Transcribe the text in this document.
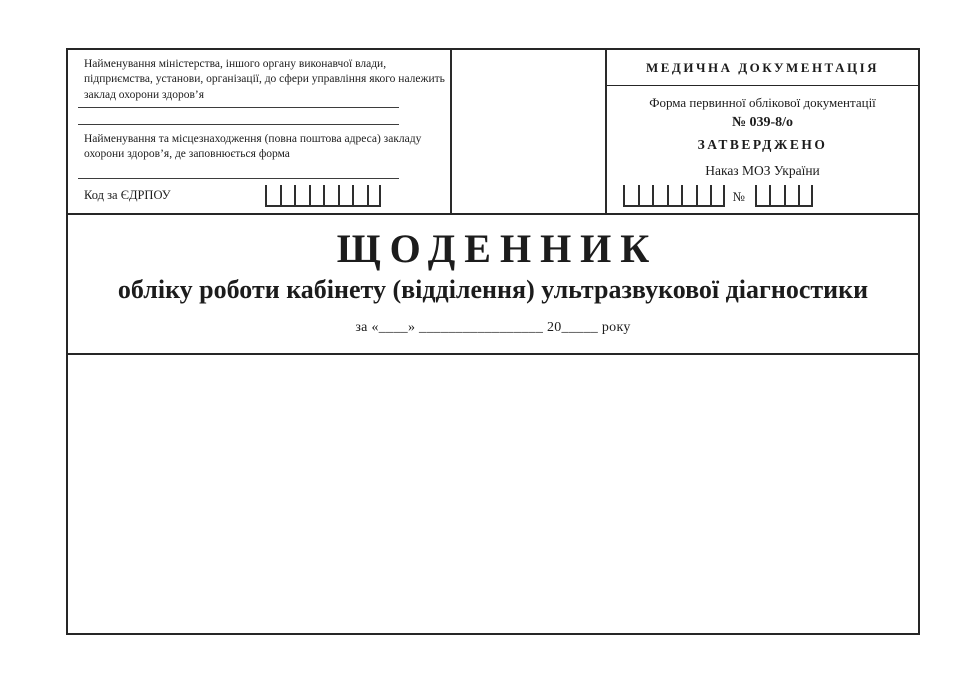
Найменування міністерства, іншого органу виконавчої влади,
підприємства, установи, організації, до сфери управління якого належить
заклад охорони здоров’я
Найменування та місцезнаходження (повна поштова адреса) закладу
охорони здоров’я, де заповнюється форма
Код за ЄДРПОУ
МЕДИЧНА ДОКУМЕНТАЦІЯ
Форма первинної облікової документації
№ 039-8/о
ЗАТВЕРДЖЕНО
Наказ МОЗ України
№
ЩОДЕННИК
обліку роботи кабінету (відділення) ультразвукової діагностики
за «____» _________________ 20_____ року
